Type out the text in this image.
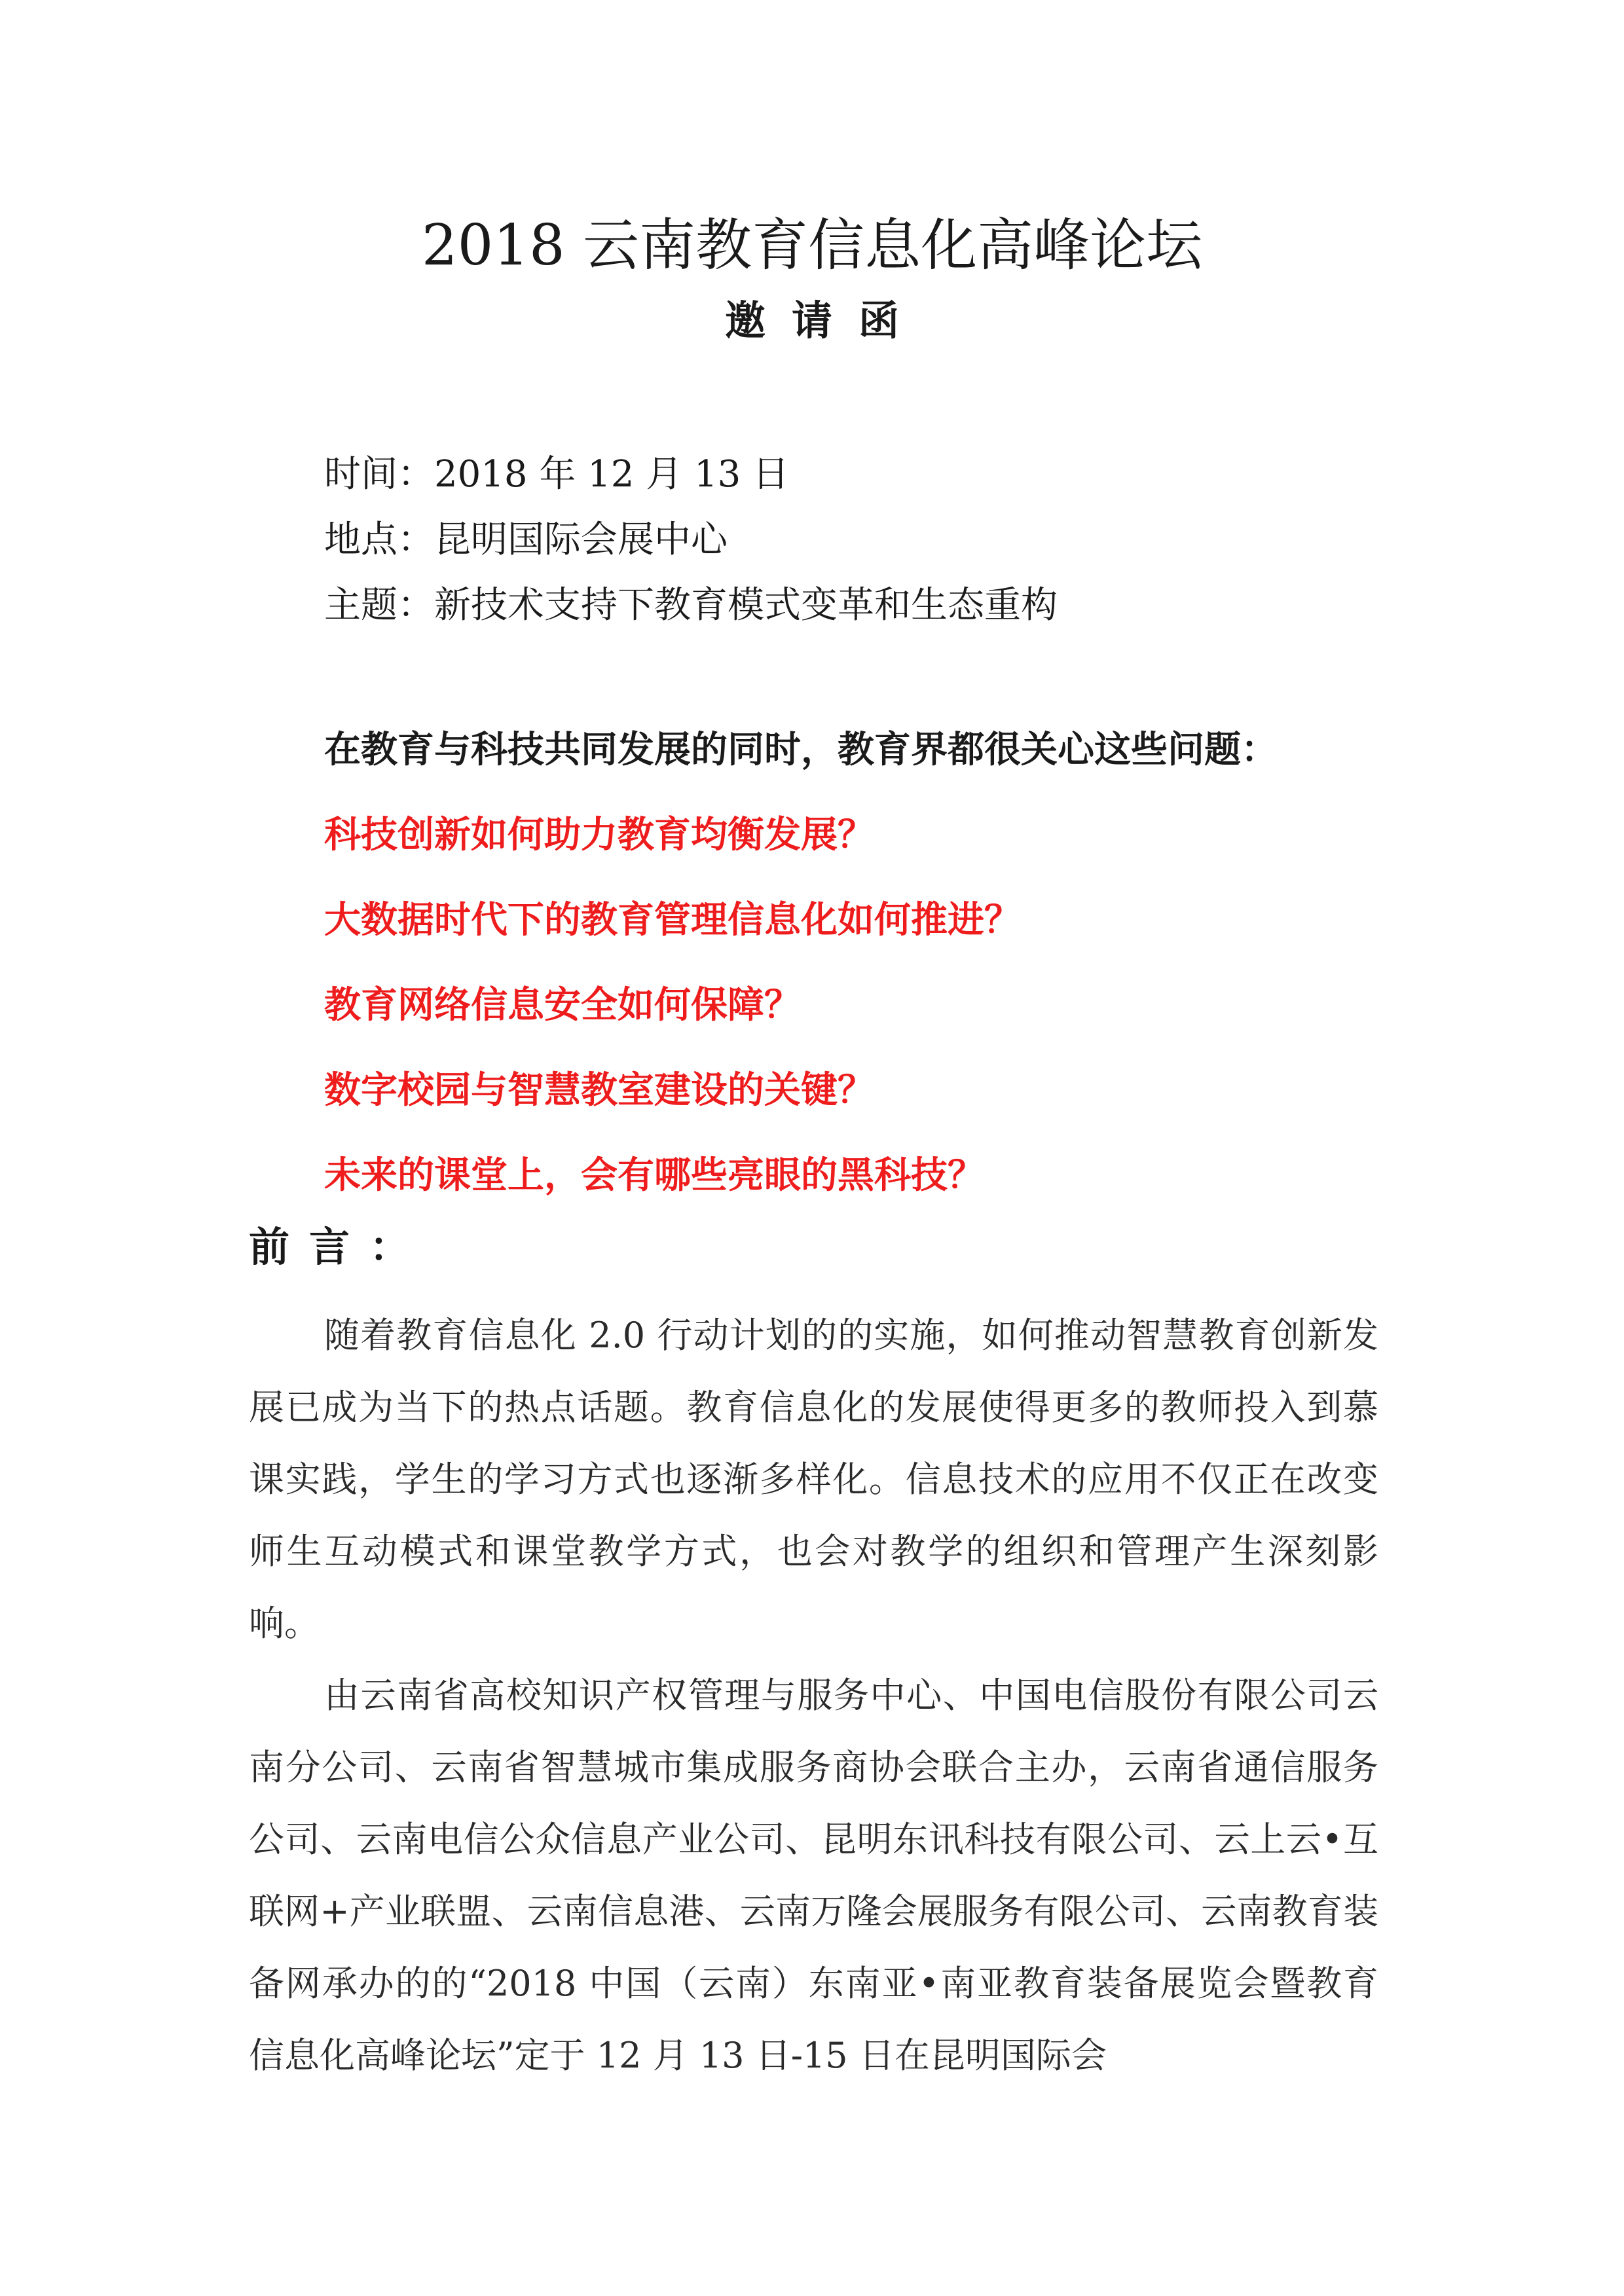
2018 云南教育信息化高峰论坛
邀请函
时间：2018 年 12 月 13 日
地点：昆明国际会展中心
主题：新技术支持下教育模式变革和生态重构
在教育与科技共同发展的同时，教育界都很关心这些问题：
科技创新如何助力教育均衡发展？
大数据时代下的教育管理信息化如何推进？
教育网络信息安全如何保障？
数字校园与智慧教室建设的关键？
未来的课堂上，会有哪些亮眼的黑科技？
前言：

随着教育信息化 2.0 行动计划的的实施，如何推动智慧教育创新发展已成为当下的热点话题。教育信息化的发展使得更多的教师投入到慕课实践，学生的学习方式也逐渐多样化。信息技术的应用不仅正在改变师生互动模式和课堂教学方式，也会对教学的组织和管理产生深刻影响。

由云南省高校知识产权管理与服务中心、中国电信股份有限公司云南分公司、云南省智慧城市集成服务商协会联合主办，云南省通信服务公司、云南电信公众信息产业公司、昆明东讯科技有限公司、云上云•互联网+产业联盟、云南信息港、云南万隆会展服务有限公司、云南教育装备网承办的的“2018 中国（云南）东南亚•南亚教育装备展览会暨教育信息化高峰论坛”定于 12 月 13 日-15 日在昆明国际会
